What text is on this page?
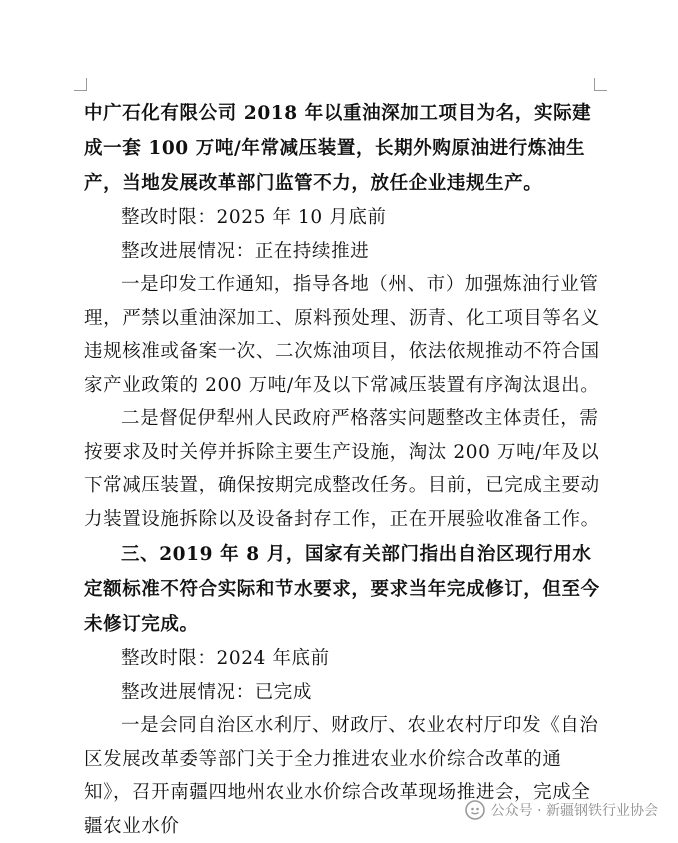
中广石化有限公司 2018 年以重油深加工项目为名，实际建成一套 100 万吨/年常减压装置，长期外购原油进行炼油生产，当地发展改革部门监管不力，放任企业违规生产。

整改时限：2025 年 10 月底前

整改进展情况：正在持续推进

一是印发工作通知，指导各地（州、市）加强炼油行业管理，严禁以重油深加工、原料预处理、沥青、化工项目等名义违规核准或备案一次、二次炼油项目，依法依规推动不符合国家产业政策的 200 万吨/年及以下常减压装置有序淘汰退出。

二是督促伊犁州人民政府严格落实问题整改主体责任，需按要求及时关停并拆除主要生产设施，淘汰 200 万吨/年及以下常减压装置，确保按期完成整改任务。目前，已完成主要动力装置设施拆除以及设备封存工作，正在开展验收准备工作。

三、2019 年 8 月，国家有关部门指出自治区现行用水定额标准不符合实际和节水要求，要求当年完成修订，但至今未修订完成。

整改时限：2024 年底前

整改进展情况：已完成

一是会同自治区水利厅、财政厅、农业农村厅印发《自治区发展改革委等部门关于全力推进农业水价综合改革的通知》，召开南疆四地州农业水价综合改革现场推进会，完成全疆农业水价

公众号 · 新疆钢铁行业协会
